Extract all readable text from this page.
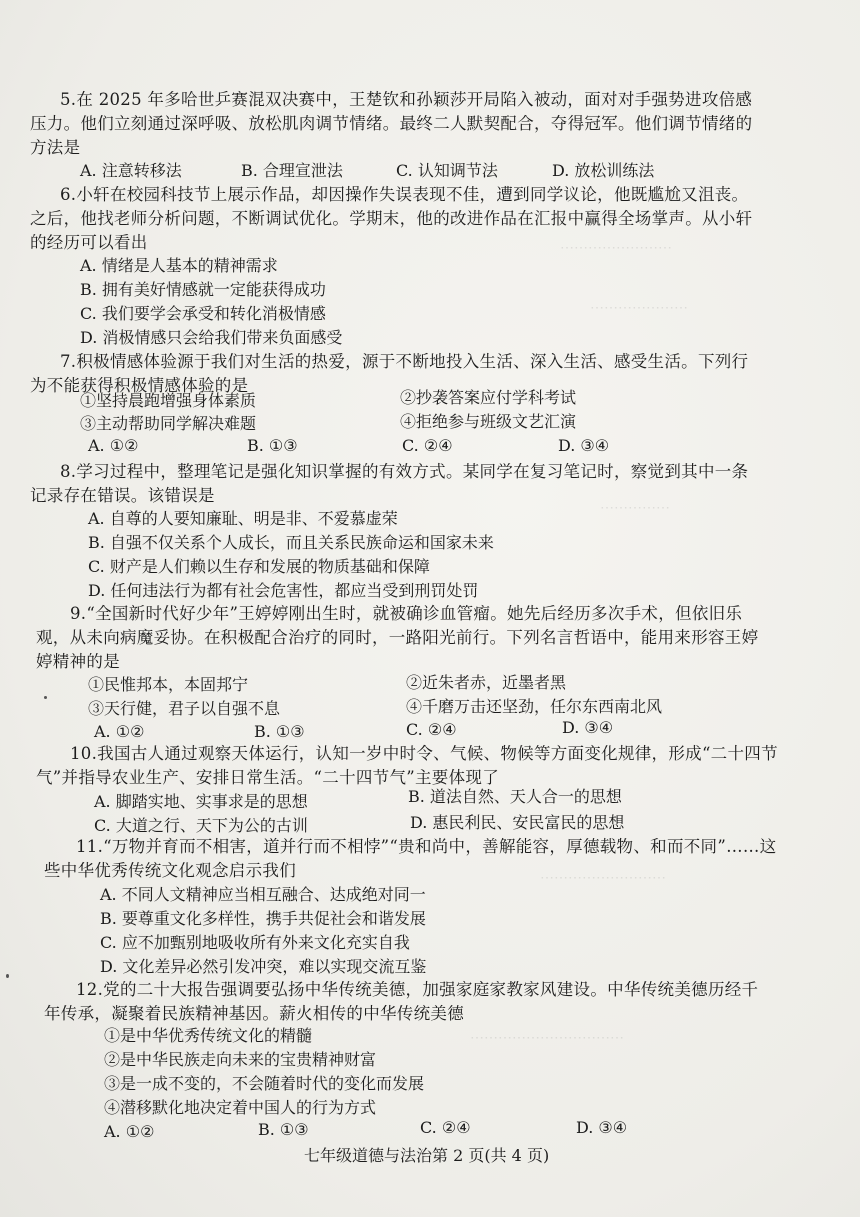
⋯⋯⋯⋯⋯⋯⋯⋯
⋯⋯⋯⋯⋯⋯⋯
⋯⋯⋯⋯⋯
⋯⋯⋯⋯⋯⋯⋯⋯⋯
⋯⋯⋯⋯⋯⋯⋯⋯⋯⋯⋯
5.在 2025 年多哈世乒赛混双决赛中，王楚钦和孙颖莎开局陷入被动，面对对手强势进攻倍感
压力。他们立刻通过深呼吸、放松肌肉调节情绪。最终二人默契配合，夺得冠军。他们调节情绪的
方法是
A. 注意转移法	B. 合理宣泄法	C. 认知调节法	D. 放松训练法
6.小轩在校园科技节上展示作品，却因操作失误表现不佳，遭到同学议论，他既尴尬又沮丧。
之后，他找老师分析问题，不断调试优化。学期末，他的改进作品在汇报中赢得全场掌声。从小轩
的经历可以看出
A. 情绪是人基本的精神需求
B. 拥有美好情感就一定能获得成功
C. 我们要学会承受和转化消极情感
D. 消极情感只会给我们带来负面感受
7.积极情感体验源于我们对生活的热爱，源于不断地投入生活、深入生活、感受生活。下列行
为不能获得积极情感体验的是
①坚持晨跑增强身体素质	②抄袭答案应付学科考试
③主动帮助同学解决难题	④拒绝参与班级文艺汇演
A. ①②	B. ①③	C. ②④	D. ③④
8.学习过程中，整理笔记是强化知识掌握的有效方式。某同学在复习笔记时，察觉到其中一条
记录存在错误。该错误是
A. 自尊的人要知廉耻、明是非、不爱慕虚荣
B. 自强不仅关系个人成长，而且关系民族命运和国家未来
C. 财产是人们赖以生存和发展的物质基础和保障
D. 任何违法行为都有社会危害性，都应当受到刑罚处罚
9.“全国新时代好少年”王婷婷刚出生时，就被确诊血管瘤。她先后经历多次手术，但依旧乐
观，从未向病魔妥协。在积极配合治疗的同时，一路阳光前行。下列名言哲语中，能用来形容王婷
婷精神的是
①民惟邦本，本固邦宁	②近朱者赤，近墨者黑
③天行健，君子以自强不息	④千磨万击还坚劲，任尔东西南北风
A. ①②	B. ①③	C. ②④	D. ③④
10.我国古人通过观察天体运行，认知一岁中时令、气候、物候等方面变化规律，形成“二十四节
气”并指导农业生产、安排日常生活。“二十四节气”主要体现了
A. 脚踏实地、实事求是的思想	B. 道法自然、天人合一的思想
C. 大道之行、天下为公的古训	D. 惠民利民、安民富民的思想
11.“万物并育而不相害，道并行而不相悖”“贵和尚中，善解能容，厚德载物、和而不同”……这
些中华优秀传统文化观念启示我们
A. 不同人文精神应当相互融合、达成绝对同一
B. 要尊重文化多样性，携手共促社会和谐发展
C. 应不加甄别地吸收所有外来文化充实自我
D. 文化差异必然引发冲突，难以实现交流互鉴
12.党的二十大报告强调要弘扬中华传统美德，加强家庭家教家风建设。中华传统美德历经千
年传承，凝聚着民族精神基因。薪火相传的中华传统美德
①是中华优秀传统文化的精髓
②是中华民族走向未来的宝贵精神财富
③是一成不变的，不会随着时代的变化而发展
④潜移默化地决定着中国人的行为方式
A. ①②	B. ①③	C. ②④	D. ③④
七年级道德与法治第 2 页(共 4 页)
